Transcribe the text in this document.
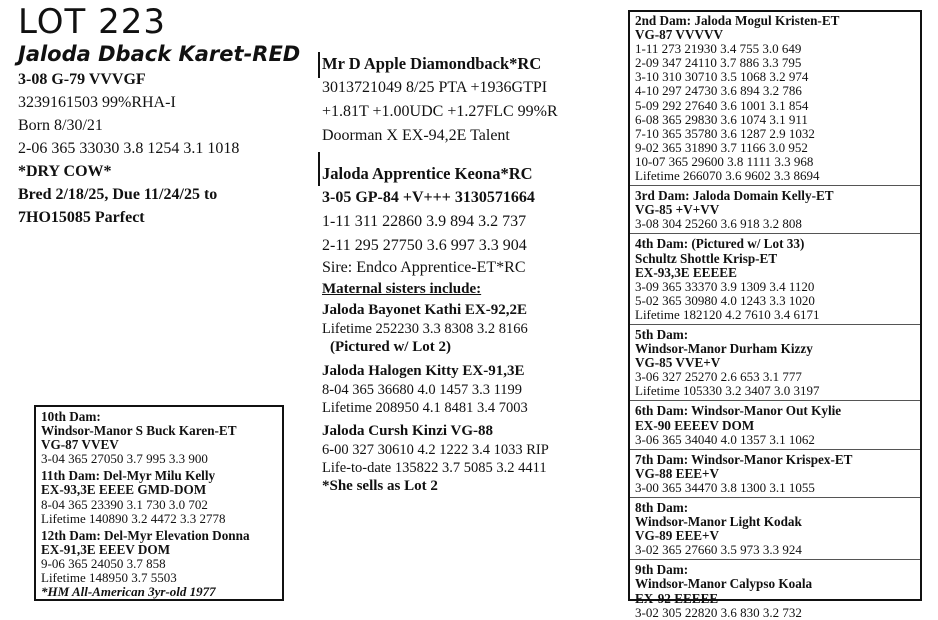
LOT 223
Jaloda Dback Karet-RED
3-08 G-79 VVVGF
3239161503 99%RHA-I
Born 8/30/21
2-06 365 33030 3.8 1254 3.1 1018
*DRY COW*
Bred 2/18/25, Due 11/24/25 to
7HO15085 Parfect
Mr D Apple Diamondback*RC
3013721049 8/25 PTA +1936GTPI
+1.81T +1.00UDC +1.27FLC 99%R
Doorman X EX-94,2E Talent
Jaloda Apprentice Keona*RC
3-05 GP-84 +V+++ 3130571664
1-11 311 22860 3.9 894 3.2 737
2-11 295 27750 3.6 997 3.3 904
Sire: Endco Apprentice-ET*RC
Maternal sisters include:
Jaloda Bayonet Kathi EX-92,2E
Lifetime 252230 3.3 8308 3.2 8166
(Pictured w/ Lot 2)
Jaloda Halogen Kitty EX-91,3E
8-04 365 36680 4.0 1457 3.3 1199
Lifetime 208950 4.1 8481 3.4 7003
Jaloda Cursh Kinzi VG-88
6-00 327 30610 4.2 1222 3.4 1033 RIP
Life-to-date 135822 3.7 5085 3.2 4411
*She sells as Lot 2
10th Dam:
Windsor-Manor S Buck Karen-ET
VG-87 VVEV
3-04 365 27050 3.7 995 3.3 900
11th Dam: Del-Myr Milu Kelly
EX-93,3E EEEE GMD-DOM
8-04 365 23390 3.1 730 3.0 702
Lifetime 140890 3.2 4472 3.3 2778
12th Dam: Del-Myr Elevation Donna
EX-91,3E EEEV DOM
9-06 365 24050 3.7 858
Lifetime 148950 3.7 5503
*HM All-American 3yr-old 1977
2nd Dam: Jaloda Mogul Kristen-ET
VG-87 VVVVV
1-11 273 21930 3.4 755 3.0 649
2-09 347 24110 3.7 886 3.3 795
3-10 310 30710 3.5 1068 3.2 974
4-10 297 24730 3.6 894 3.2 786
5-09 292 27640 3.6 1001 3.1 854
6-08 365 29830 3.6 1074 3.1 911
7-10 365 35780 3.6 1287 2.9 1032
9-02 365 31890 3.7 1166 3.0 952
10-07 365 29600 3.8 1111 3.3 968
Lifetime 266070 3.6 9602 3.3 8694
3rd Dam: Jaloda Domain Kelly-ET
VG-85 +V+VV
3-08 304 25260 3.6 918 3.2 808
4th Dam: (Pictured w/ Lot 33)
Schultz Shottle Krisp-ET
EX-93,3E EEEEE
3-09 365 33370 3.9 1309 3.4 1120
5-02 365 30980 4.0 1243 3.3 1020
Lifetime 182120 4.2 7610 3.4 6171
5th Dam:
Windsor-Manor Durham Kizzy
VG-85 VVE+V
3-06 327 25270 2.6 653 3.1 777
Lifetime 105330 3.2 3407 3.0 3197
6th Dam: Windsor-Manor Out Kylie
EX-90 EEEEV DOM
3-06 365 34040 4.0 1357 3.1 1062
7th Dam: Windsor-Manor Krispex-ET
VG-88 EEE+V
3-00 365 34470 3.8 1300 3.1 1055
8th Dam:
Windsor-Manor Light Kodak
VG-89 EEE+V
3-02 365 27660 3.5 973 3.3 924
9th Dam:
Windsor-Manor Calypso Koala
EX-92 EEEEE
3-02 305 22820 3.6 830 3.2 732
